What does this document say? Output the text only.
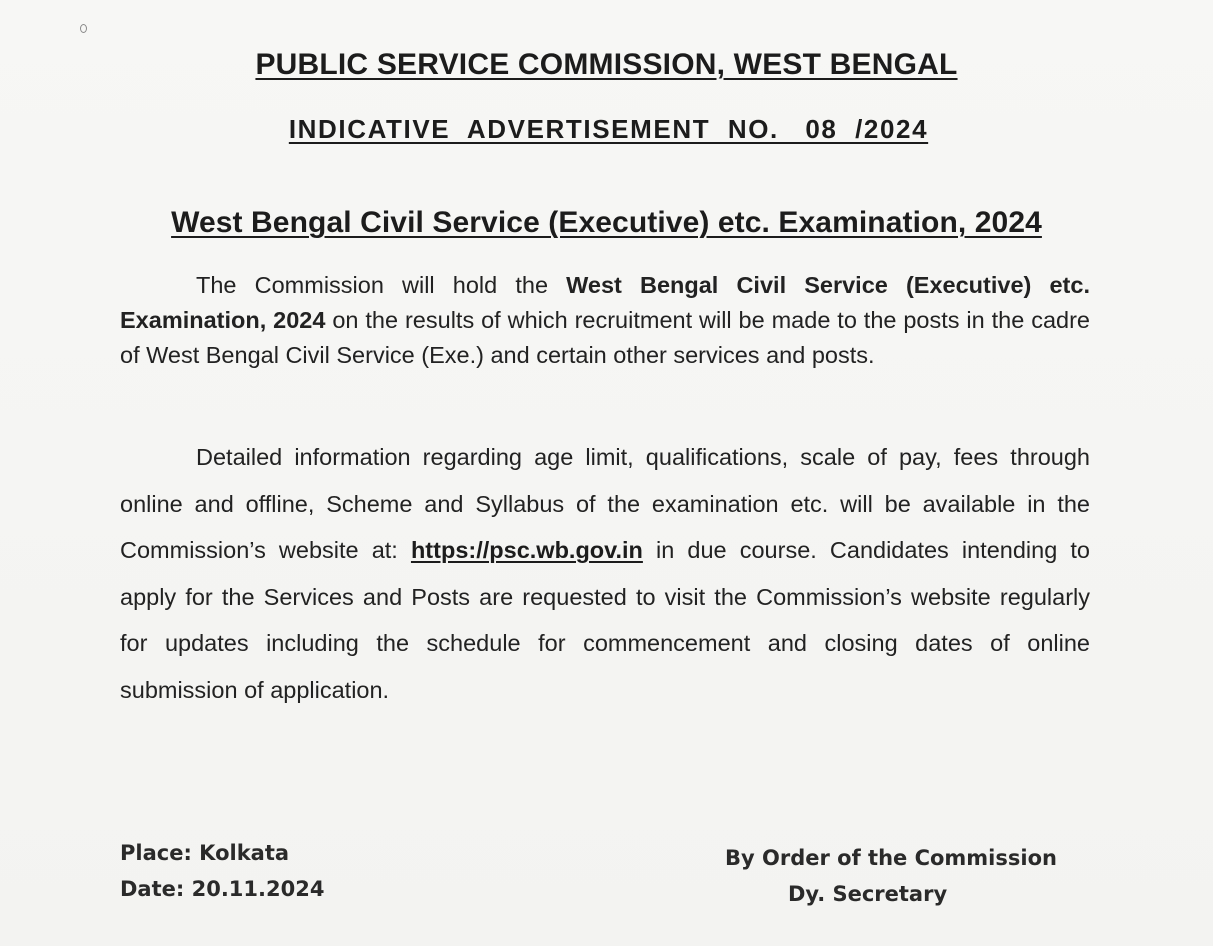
PUBLIC SERVICE COMMISSION, WEST BENGAL
INDICATIVE  ADVERTISEMENT  NO.   08  /2024
West Bengal Civil Service (Executive) etc. Examination, 2024
The Commission will hold the West Bengal Civil Service (Executive) etc. Examination, 2024 on the results of which recruitment will be made to the posts in the cadre of West Bengal Civil Service (Exe.) and certain other services and posts.
Detailed information regarding age limit, qualifications, scale of pay, fees through online and offline, Scheme and Syllabus of the examination etc. will be available in the Commission’s website at: https://psc.wb.gov.in in due course. Candidates intending to apply for the Services and Posts are requested to visit the Commission’s website regularly for updates including the schedule for commencement and closing dates of online submission of application.
Place: Kolkata
Date: 20.11.2024
By Order of the Commission
Dy. Secretary
